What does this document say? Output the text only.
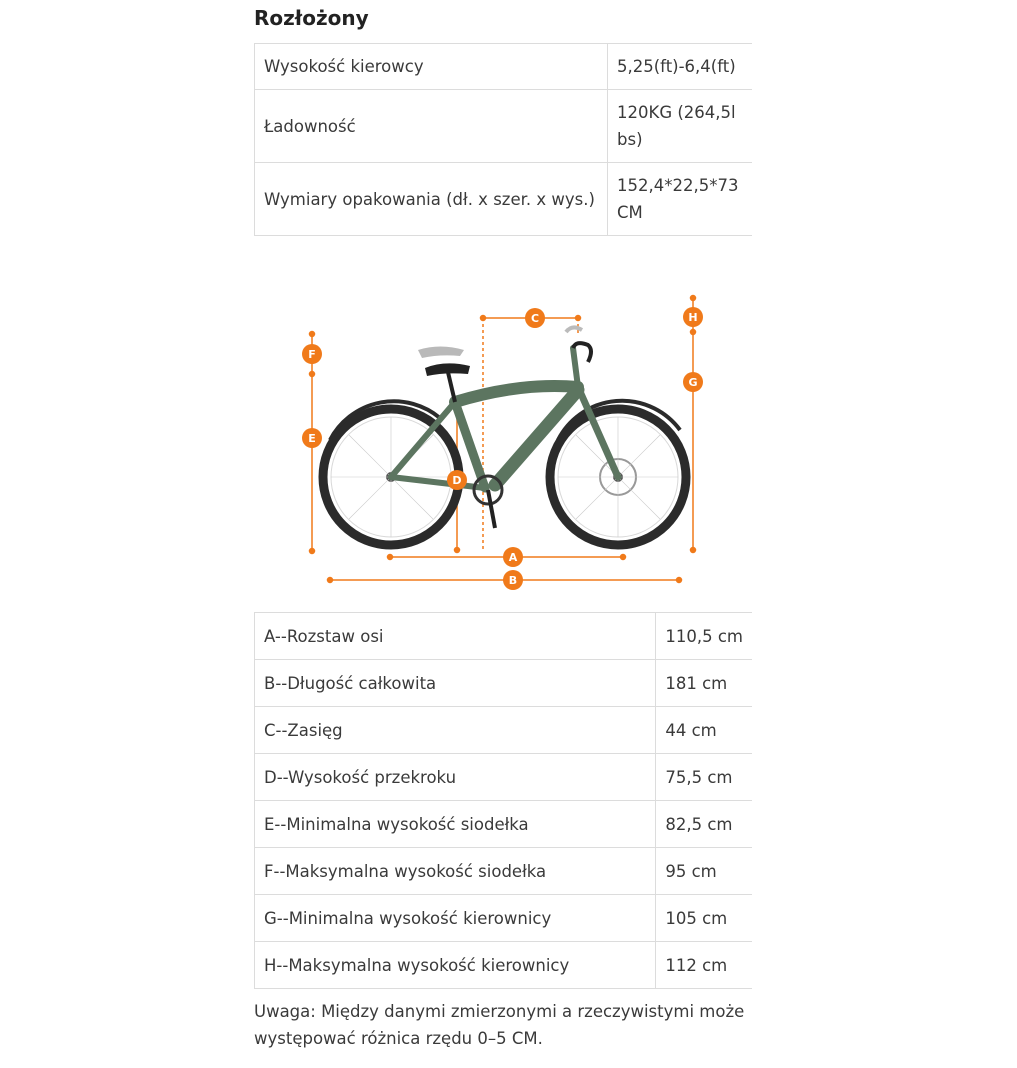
Rozłożony
Wysokość kierowcy	5,25(ft)-6,4(ft)
Ładowność	120KG (264,5lbs)
Wymiary opakowania (dł. x szer. x wys.)	152,4*22,5*73CM
F
E
C	H
G
D
A
B
A--Rozstaw osi	110,5 cm
B--Długość całkowita	181 cm
C--Zasięg	44 cm
D--Wysokość przekroku	75,5 cm
E--Minimalna wysokość siodełka	82,5 cm
F--Maksymalna wysokość siodełka	95 cm
G--Minimalna wysokość kierownicy	105 cm
H--Maksymalna wysokość kierownicy	112 cm

Uwaga: Między danymi zmierzonymi a rzeczywistymi może występować różnica rzędu 0–5 CM.
